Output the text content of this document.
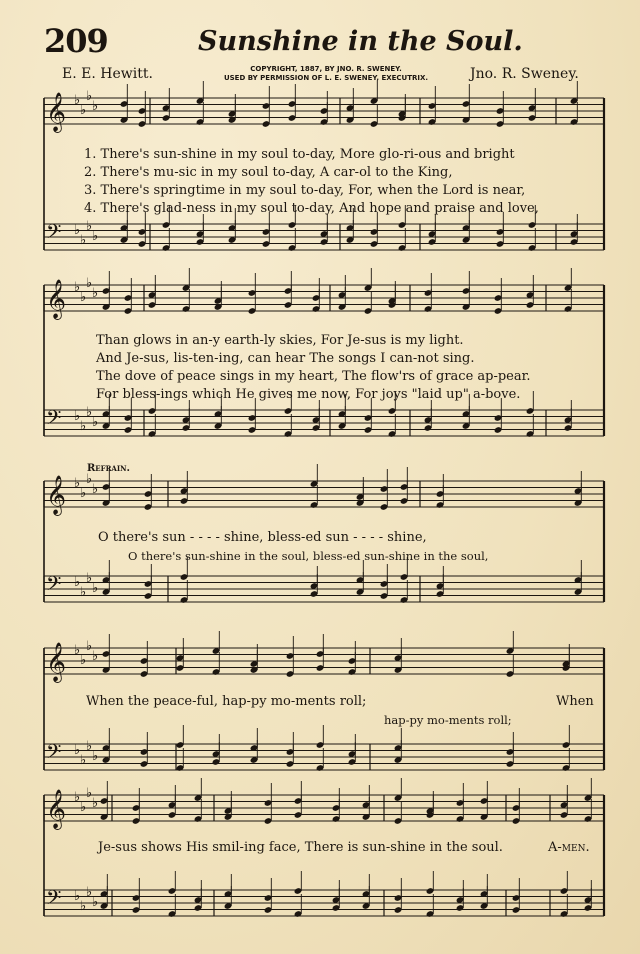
209	Sunshine in the Soul.
E. E. Hewitt.	COPYRIGHT, 1887, BY JNO. R. SWENEY.
USED BY PERMISSION OF L. E. SWENEY, EXECUTRIX.	Jno. R. Sweney.
𝄞 ♭
♭
♭
♭
𝄢 ♭
♭
♭
♭
𝄞 ♭
♭
♭
♭
𝄢 ♭
♭
♭
♭
𝄞 ♭
♭
♭
♭
𝄢 ♭
♭
♭
♭
𝄞 ♭
♭
♭
♭
𝄢 ♭
♭
♭
♭
𝄞 ♭
♭
♭
♭
𝄢 ♭
♭
♭
♭
1. There's sun-shine in my soul to-day, More glo-ri-ous and bright
2. There's mu-sic in my soul to-day, A car-ol to the King,
3. There's springtime in my soul to-day, For, when the Lord is near,
4. There's glad-ness in my soul to-day, And hope and praise and love,
Than glows in an-y earth-ly skies, For Je-sus is my light.
And Je-sus, lis-ten-ing, can hear The songs I can-not sing.
The dove of peace sings in my heart, The flow'rs of grace ap-pear.
For bless-ings which He gives me now, For joys "laid up" a-bove.
Refrain.
O there's sun - - - - shine, bless-ed sun - - - - shine,
O there's sun-shine in the soul, bless-ed sun-shine in the soul,
When the peace-ful, hap-py mo-ments roll;	When
hap-py mo-ments roll;
Je-sus shows His smil-ing face, There is sun-shine in the soul.	A-men.
